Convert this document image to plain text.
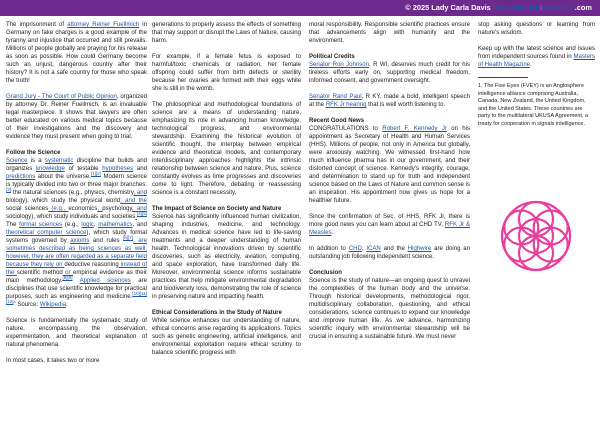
© 2025 Lady Carla Davis www.NourishingBasics.com

The imprisonment of attorney Reiner Fuellmich in Germany on fake charges is a good example of the tyranny and injustice that occurred and still prevails. Millions of people globally are praying for his release as soon as possible. How could Germany become such an unjust, dangerous country after their history? It is not a safe country for those who speak the truth!

Grand Jury - The Court of Public Opinion, organized by attorney Dr. Reiner Fuellmich, is an invaluable legal masterpiece. It shows that lawyers are often better educated on various medical topics because of their investigations and the discovery and evidence they must present when going to trial.

Follow the Science

Science is a systematic discipline that builds and organizes knowledge of testable hypotheses and predictions about the universe.[1][2] Modern science is typically divided into two or three major branches:[3] the natural sciences (e.g., physics, chemistry, and biology), which study the physical world; and the social sciences (e.g., economics, psychology, and sociology), which study individuals and societies.[4][5] The formal sciences (e.g., logic, mathematics, and theoretical computer science), which study formal systems governed by axioms and rules [6][7], are sometimes described as being sciences as well; however, they are often regarded as a separate field because they rely on deductive reasoning instead of the scientific method or empirical evidence as their main methodology.[8][9] Applied sciences are disciplines that use scientific knowledge for practical purposes, such as engineering and medicine.[10][11][12]" Source: Wikipedia.

Science is fundamentally the systematic study of nature, encompassing the observation, experimentation, and theoretical explanation of natural phenomena.

In most cases, it takes two or more

generations to properly assess the effects of something that may support or disrupt the Laws of Nature, causing harm.

For example, if a female fetus is exposed to harmful/toxic chemicals or radiation, her female offspring could suffer from birth defects or sterility because her ovaries are formed with their eggs while she is still in the womb.

The philosophical and methodological foundations of science are a means of understanding nature, emphasizing its role in advancing human knowledge, technological progress, and environmental stewardship. Examining the historical evolution of scientific thought, the interplay between empirical evidence and theoretical models, and contemporary interdisciplinary approaches highlights the intrinsic relationship between science and nature. Plus, science constantly evolves as time progresses and discoveries come to light. Therefore, debating or reassessing science is a constant necessity.

The Impact of Science on Society and Nature

Science has significantly influenced human civilization, shaping industries, medicine, and technology. Advances in medical science have led to life-saving treatments and a deeper understanding of human health. Technological innovations driven by scientific discoveries, such as electricity, aviation, computing, and space exploration, have transformed daily life. Moreover, environmental science informs sustainable practices that help mitigate environmental degradation and biodiversity loss, demonstrating the role of science in preserving nature and impacting health.

Ethical Considerations in the Study of Nature

While science enhances our understanding of nature, ethical concerns arise regarding its applications. Topics such as genetic engineering, artificial intelligence, and environmental exploitation require ethical scrutiny to balance scientific progress with

moral responsibility. Responsible scientific practices ensure that advancements align with humanity and the environment.

Political Credits

Senator Ron Johnson, R WI, deserves much credit for his tireless efforts early on, supporting medical freedom, informed consent, and government oversight.

Senator Rand Paul, R KY, made a bold, intelligent speech at the RFK Jr hearing that is well worth listening to.

Recent Good News

CONGRATULATIONS to Robert F. Kennedy Jr on his appointment as Secretary of Health and Human Services (HHS). Millions of people, not only in America but globally, were anxiously watching. We witnessed first-hand how much influence pharma has in our government, and their distorted concept of science. Kennedy's integrity, courage, and determination to stand up for truth and independent science based on the Laws of Nature and common sense is an inspiration. His appointment now gives us hope for a healthier future.

Since the confirmation of Sec. of HHS, RFK Jr, there is more good news you can learn about at CHD TV, RFK Jr & Measles.

In addition to CHD, ICAN and the Highwire are doing an outstanding job following independent science.

Conclusion

Science is the study of nature—an ongoing quest to unravel the complexities of the human body and the universe. Through historical developments, methodological rigor, multidisciplinary collaboration, questioning, and ethical considerations, science continues to expand our knowledge and improve human life. As we advance, harmonizing scientific inquiry with environmental stewardship will be crucial in ensuring a sustainable future. We must never

stop asking questions or learning from nature's wisdom.

Keep up with the latest science and issues from independent sources found in Masters of Health Magazine.

1. The Five Eyes (FVEY) is an Anglosphere intelligence alliance comprising Australia, Canada, New Zealand, the United Kingdom, and the United States. These countries are party to the multilateral UKUSA Agreement, a treaty for cooperation in signals intelligence.
